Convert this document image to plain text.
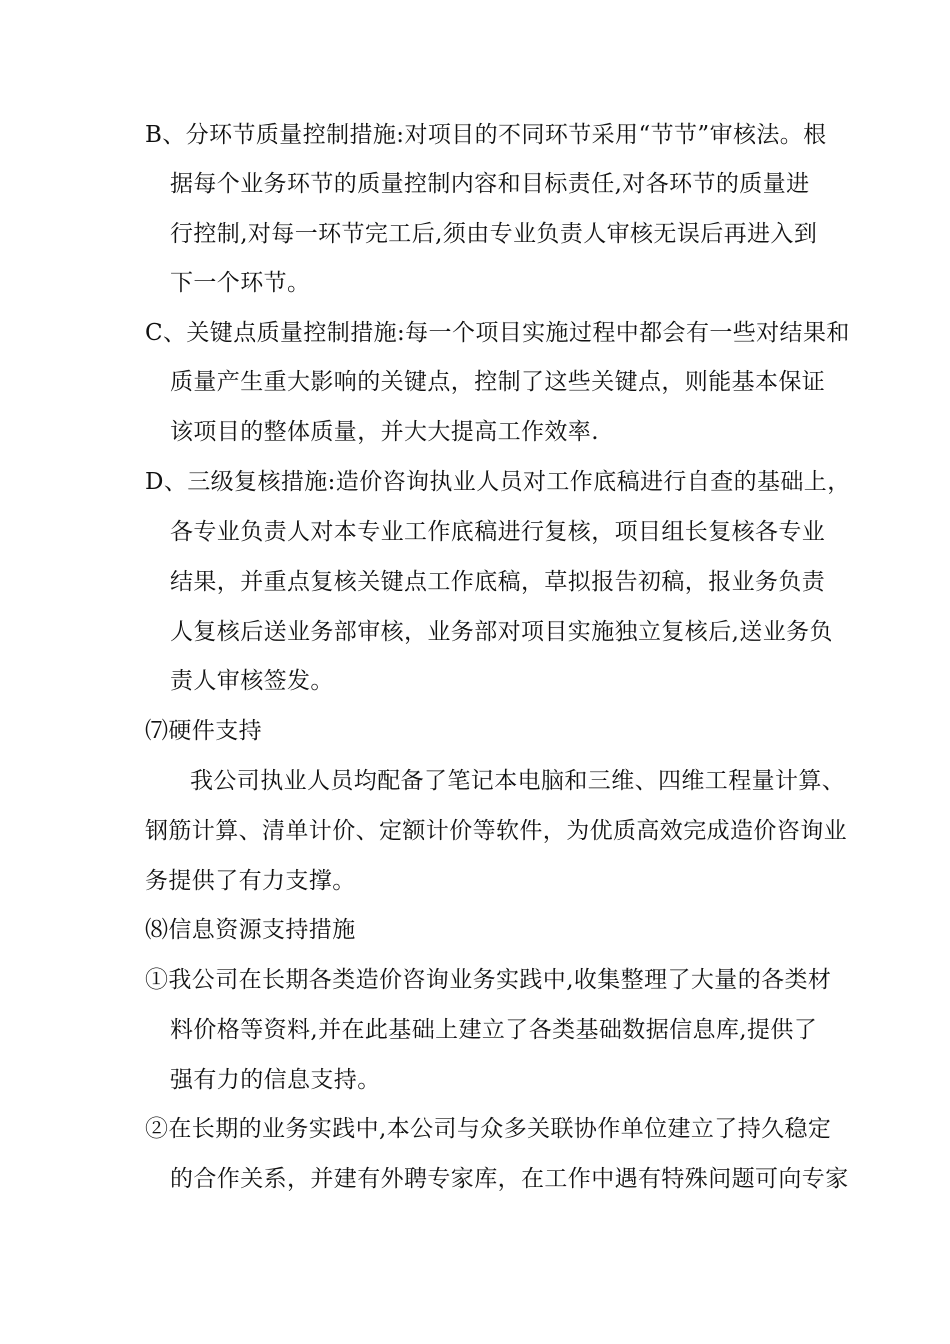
B、分环节质量控制措施:对项目的不同环节采用“节节”审核法。根
据每个业务环节的质量控制内容和目标责任,对各环节的质量进
行控制,对每一环节完工后,须由专业负责人审核无误后再进入到
下一个环节。
C、关键点质量控制措施:每一个项目实施过程中都会有一些对结果和
质量产生重大影响的关键点，控制了这些关键点，则能基本保证
该项目的整体质量，并大大提高工作效率.
D、三级复核措施:造价咨询执业人员对工作底稿进行自查的基础上，
各专业负责人对本专业工作底稿进行复核，项目组长复核各专业
结果，并重点复核关键点工作底稿，草拟报告初稿，报业务负责
人复核后送业务部审核，业务部对项目实施独立复核后,送业务负
责人审核签发。
⑺硬件支持
我公司执业人员均配备了笔记本电脑和三维、四维工程量计算、
钢筋计算、清单计价、定额计价等软件，为优质高效完成造价咨询业
务提供了有力支撑。
⑻信息资源支持措施
①我公司在长期各类造价咨询业务实践中,收集整理了大量的各类材
料价格等资料,并在此基础上建立了各类基础数据信息库,提供了
强有力的信息支持。
②在长期的业务实践中,本公司与众多关联协作单位建立了持久稳定
的合作关系，并建有外聘专家库，在工作中遇有特殊问题可向专家
